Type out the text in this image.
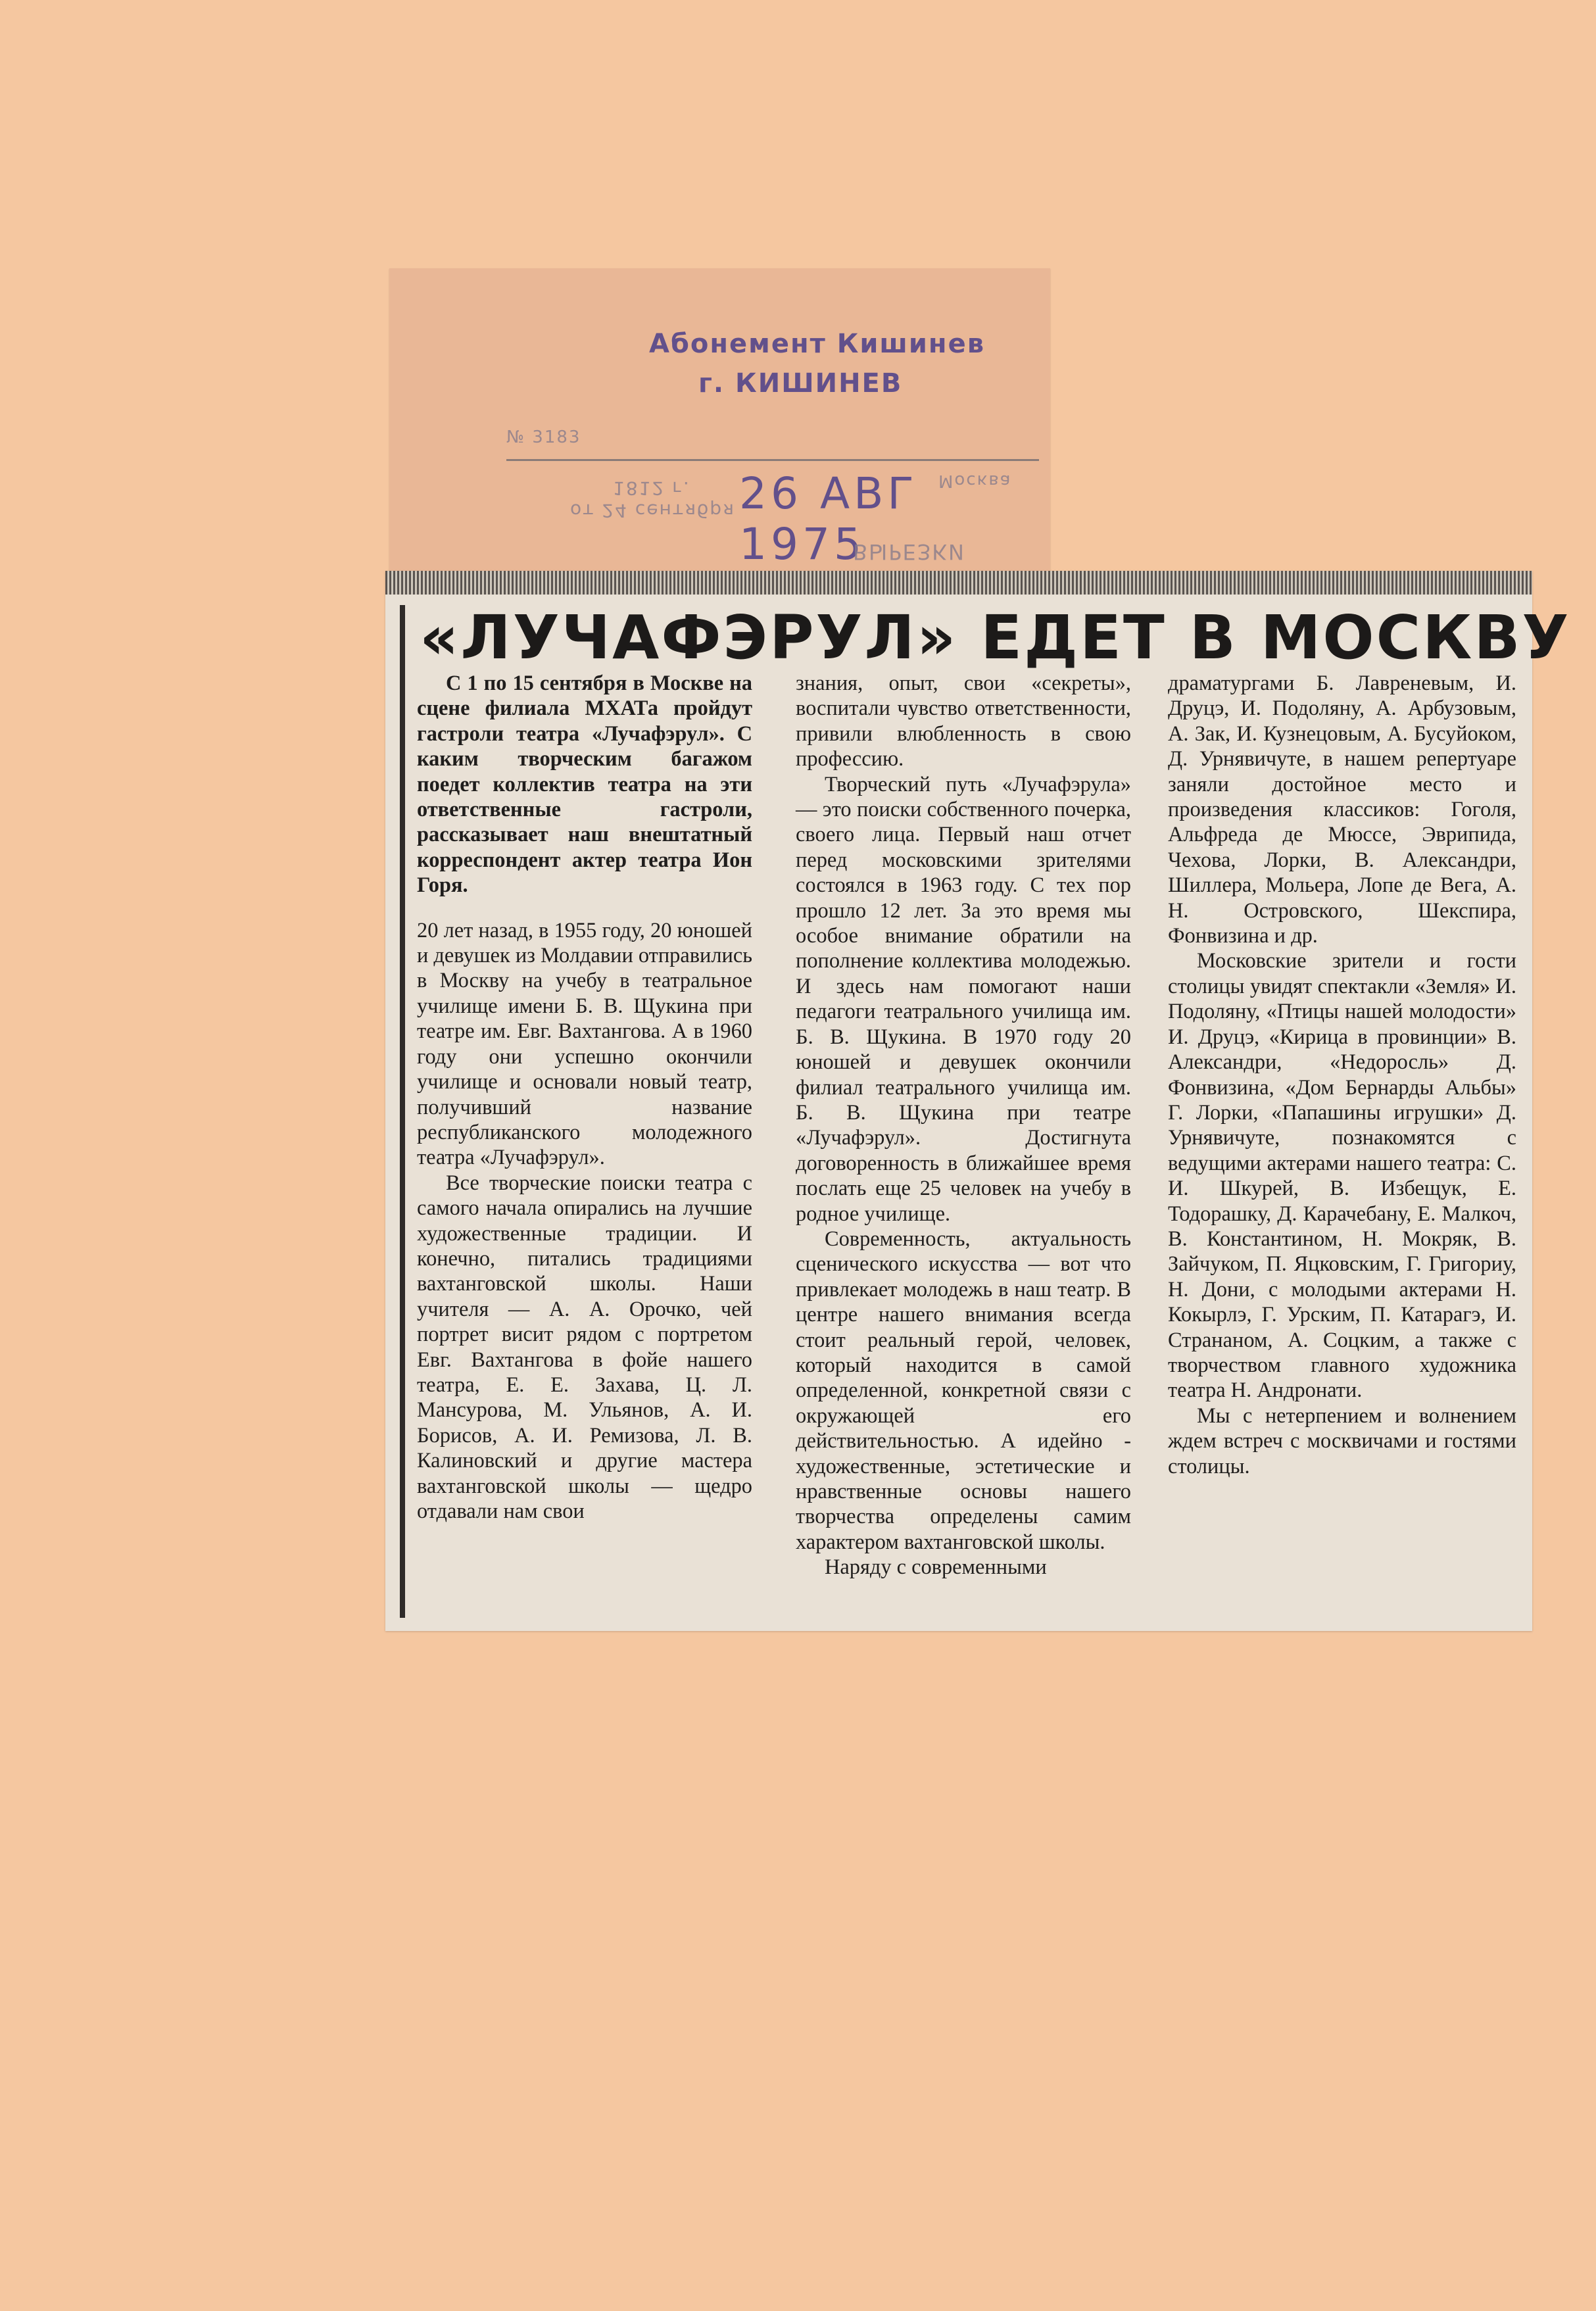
Абонемент Кишинев
г. КИШИНЕВ
№ 3183
1812 г.
от 24 сентября 26 АВГ 1975
Москва
ВЫРЕЗКИ
«ЛУЧАФЭРУЛ» ЕДЕТ В МОСКВУ

С 1 по 15 сентября в Москве на сцене филиала МХАТа пройдут гастроли театра «Лучафэрул». С каким творческим багажом поедет коллектив театра на эти ответственные гастроли, рассказывает наш внештатный корреспондент актер театра Ион Горя.

20 лет назад, в 1955 году, 20 юношей и девушек из Молдавии отправились в Москву на учебу в театральное училище имени Б. В. Щукина при театре им. Евг. Вахтангова. А в 1960 году они успешно окончили училище и основали новый театр, получивший название республиканского молодежного театра «Лучафэрул».

Все творческие поиски театра с самого начала опирались на лучшие художественные традиции. И конечно, питались традициями вахтанговской школы. Наши учителя — А. А. Орочко, чей портрет висит рядом с портретом Евг. Вахтангова в фойе нашего театра, Е. Е. Захава, Ц. Л. Мансурова, М. Ульянов, А. И. Борисов, А. И. Ремизова, Л. В. Калиновский и другие мастера вахтанговской школы — щедро отдавали нам свои

знания, опыт, свои «секреты», воспитали чувство ответственности, привили влюбленность в свою профессию.

Творческий путь «Лучафэрула» — это поиски собственного почерка, своего лица. Первый наш отчет перед московскими зрителями состоялся в 1963 году. С тех пор прошло 12 лет. За это время мы особое внимание обратили на пополнение коллектива молодежью. И здесь нам помогают наши педагоги театрального училища им. Б. В. Щукина. В 1970 году 20 юношей и девушек окончили филиал театрального училища им. Б. В. Щукина при театре «Лучафэрул». Достигнута договоренность в ближайшее время послать еще 25 человек на учебу в родное училище.

Современность, актуальность сценического искусства — вот что привлекает молодежь в наш театр. В центре нашего внимания всегда стоит реальный герой, человек, который находится в самой определенной, конкретной связи с окружающей его действительностью. А идейно - художественные, эстетические и нравственные основы нашего творчества определены самим характером вахтанговской школы.

Наряду с современными

драматургами Б. Лавреневым, И. Друцэ, И. Подоляну, А. Арбузовым, А. Зак, И. Кузнецовым, А. Бусуйоком, Д. Урнявичуте, в нашем репертуаре заняли достойное место и произведения классиков: Гоголя, Альфреда де Мюссе, Эврипида, Чехова, Лорки, В. Александри, Шиллера, Мольера, Лопе де Вега, А. Н. Островского, Шекспира, Фонвизина и др.

Московские зрители и гости столицы увидят спектакли «Земля» И. Подоляну, «Птицы нашей молодости» И. Друцэ, «Кирица в провинции» В. Александри, «Недоросль» Д. Фонвизина, «Дом Бернарды Альбы» Г. Лорки, «Папашины игрушки» Д. Урнявичуте, познакомятся с ведущими актерами нашего театра: С. И. Шкурей, В. Избещук, Е. Тодорашку, Д. Карачебану, Е. Малкоч, В. Константином, Н. Мокряк, В. Зайчуком, П. Яцковским, Г. Григориу, Н. Дони, с молодыми актерами Н. Кокырлэ, Г. Урским, П. Катарагэ, И. Странаном, А. Соцким, а также с творчеством главного художника театра Н. Андронати.

Мы с нетерпением и волнением ждем встреч с москвичами и гостями столицы.
